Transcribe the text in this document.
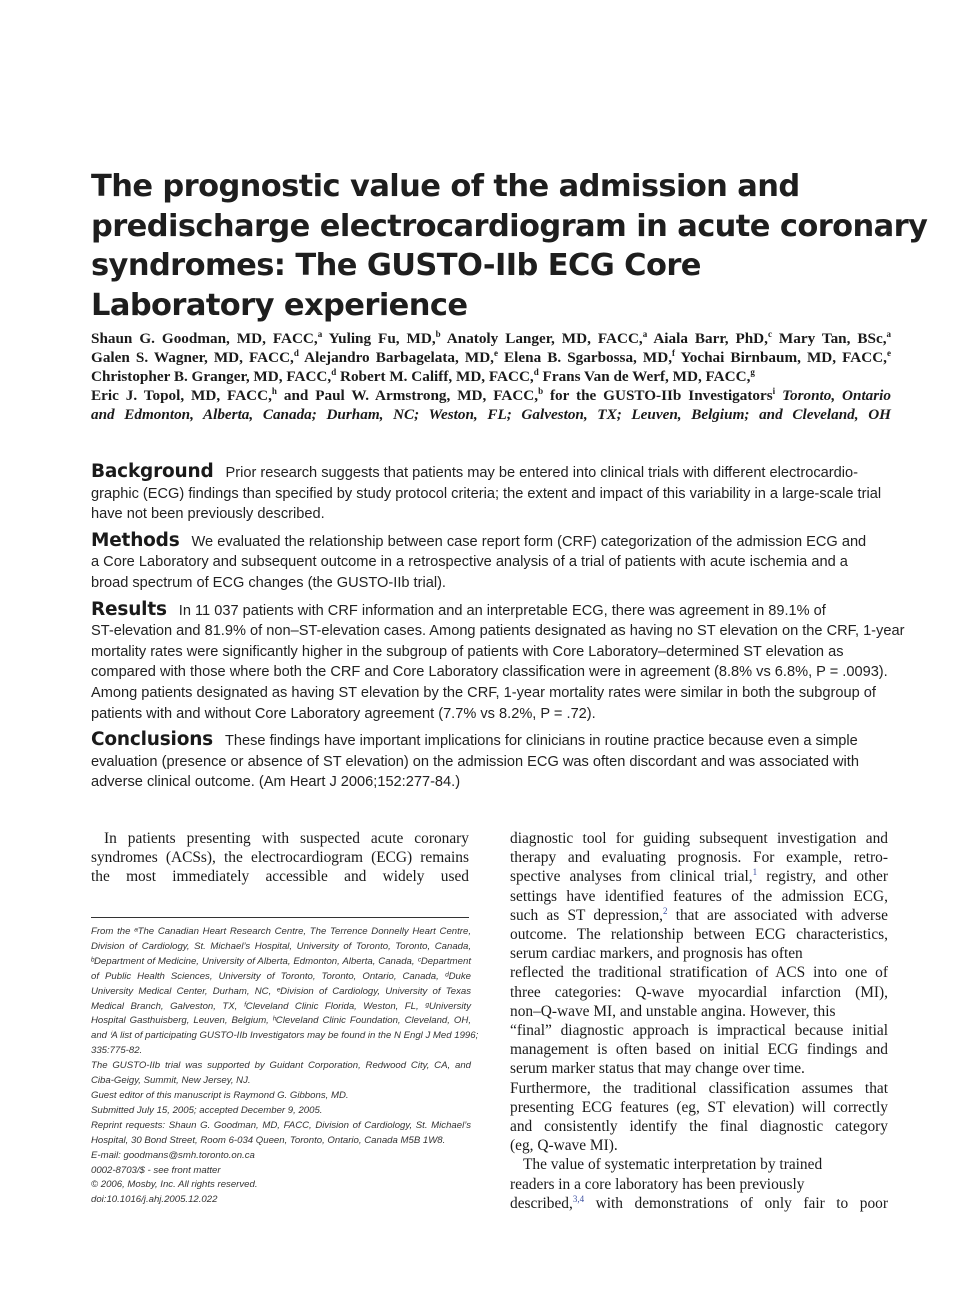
The prognostic value of the admission and
predischarge electrocardiogram in acute coronary
syndromes: The GUSTO-IIb ECG Core
Laboratory experience
Shaun G. Goodman, MD, FACC,$^a$ Yuling Fu, MD,$^b$ Anatoly Langer, MD, FACC,$^a$ Aiala Barr, PhD,$^c$ Mary Tan, BSc,$^a$
Galen S. Wagner, MD, FACC,$^d$ Alejandro Barbagelata, MD,$^e$ Elena B. Sgarbossa, MD,$^f$ Yochai Birnbaum, MD, FACC,$^e$
Christopher B. Granger, MD, FACC,$^d$ Robert M. Califf, MD, FACC,$^d$ Frans Van de Werf, MD, FACC,$^g$
Eric J. Topol, MD, FACC,$^h$ and Paul W. Armstrong, MD, FACC,$^b$ for the GUSTO-IIb Investigators$^i$ Toronto, Ontario
and Edmonton, Alberta, Canada; Durham, NC; Weston, FL; Galveston, TX; Leuven, Belgium; and Cleveland, OH
Background Prior research suggests that patients may be entered into clinical trials with different electrocardio-
graphic (ECG) findings than specified by study protocol criteria; the extent and impact of this variability in a large-scale trial
have not been previously described.
Methods We evaluated the relationship between case report form (CRF) categorization of the admission ECG and
a Core Laboratory and subsequent outcome in a retrospective analysis of a trial of patients with acute ischemia and a
broad spectrum of ECG changes (the GUSTO-IIb trial).
Results In 11 037 patients with CRF information and an interpretable ECG, there was agreement in 89.1% of
ST-elevation and 81.9% of non–ST-elevation cases. Among patients designated as having no ST elevation on the CRF, 1-year
mortality rates were significantly higher in the subgroup of patients with Core Laboratory–determined ST elevation as
compared with those where both the CRF and Core Laboratory classification were in agreement (8.8% vs 6.8%, P = .0093).
Among patients designated as having ST elevation by the CRF, 1-year mortality rates were similar in both the subgroup of
patients with and without Core Laboratory agreement (7.7% vs 8.2%, P = .72).
Conclusions These findings have important implications for clinicians in routine practice because even a simple
evaluation (presence or absence of ST elevation) on the admission ECG was often discordant and was associated with
adverse clinical outcome. (Am Heart J 2006;152:277-84.)
In patients presenting with suspected acute coronary
syndromes (ACSs), the electrocardiogram (ECG) remains
the most immediately accessible and widely used
From the ᵃThe Canadian Heart Research Centre, The Terrence Donnelly Heart Centre,
Division of Cardiology, St. Michael’s Hospital, University of Toronto, Toronto, Canada,
ᵇDepartment of Medicine, University of Alberta, Edmonton, Alberta, Canada, ᶜDepartment
of Public Health Sciences, University of Toronto, Toronto, Ontario, Canada, ᵈDuke
University Medical Center, Durham, NC, ᵉDivision of Cardiology, University of Texas
Medical Branch, Galveston, TX, ᶠCleveland Clinic Florida, Weston, FL, ᵍUniversity
Hospital Gasthuisberg, Leuven, Belgium, ʰCleveland Clinic Foundation, Cleveland, OH,
and ⁱA list of participating GUSTO-IIb Investigators may be found in the N Engl J Med 1996;
335:775-82.
The GUSTO-IIb trial was supported by Guidant Corporation, Redwood City, CA, and
Ciba-Geigy, Summit, New Jersey, NJ.
Guest editor of this manuscript is Raymond G. Gibbons, MD.
Submitted July 15, 2005; accepted December 9, 2005.
Reprint requests: Shaun G. Goodman, MD, FACC, Division of Cardiology, St. Michael’s
Hospital, 30 Bond Street, Room 6-034 Queen, Toronto, Ontario, Canada M5B 1W8.
E-mail: goodmans@smh.toronto.on.ca
0002-8703/$ - see front matter
© 2006, Mosby, Inc. All rights reserved.
doi:10.1016/j.ahj.2005.12.022
diagnostic tool for guiding subsequent investigation and
therapy and evaluating prognosis. For example, retro-
spective analyses from clinical trial,$^1$ registry, and other
settings have identified features of the admission ECG,
such as ST depression,$^2$ that are associated with adverse
outcome. The relationship between ECG characteristics,
serum cardiac markers, and prognosis has often
reflected the traditional stratification of ACS into one of
three categories: Q-wave myocardial infarction (MI),
non–Q-wave MI, and unstable angina. However, this
“final” diagnostic approach is impractical because initial
management is often based on initial ECG findings and
serum marker status that may change over time.
Furthermore, the traditional classification assumes that
presenting ECG features (eg, ST elevation) will correctly
and consistently identify the final diagnostic category
(eg, Q-wave MI).
The value of systematic interpretation by trained
readers in a core laboratory has been previously
described,$^{3,4}$ with demonstrations of only fair to poor
